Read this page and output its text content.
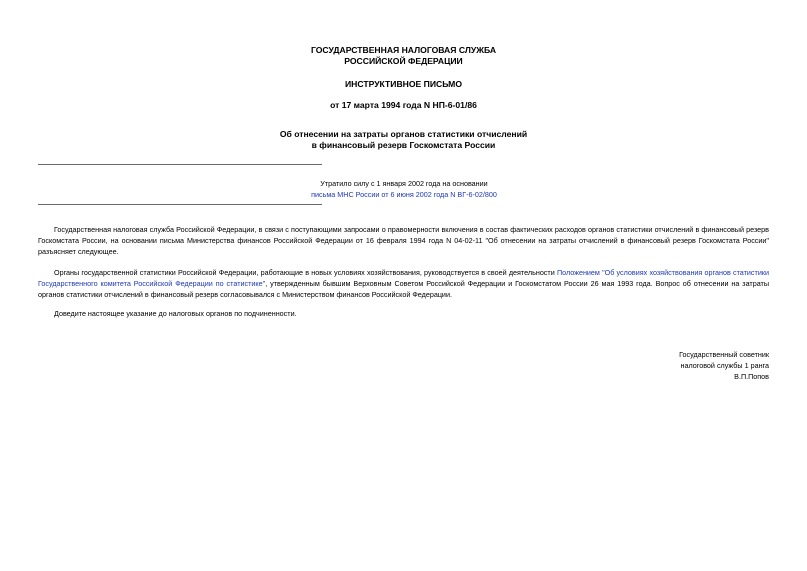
ГОСУДАРСТВЕННАЯ НАЛОГОВАЯ СЛУЖБА
РОССИЙСКОЙ ФЕДЕРАЦИИ
ИНСТРУКТИВНОЕ ПИСЬМО
от 17 марта 1994 года N НП-6-01/86
Об отнесении на затраты органов статистики отчислений
в финансовый резерв Госкомстата России
Утратило силу с 1 января 2002 года на основании
письма МНС России от 6 июня 2002 года N ВГ-6-02/800

Государственная налоговая служба Российской Федерации, в связи с поступающими запросами о правомерности включения в состав фактических расходов органов статистики отчислений в финансовый резерв Госкомстата России, на основании письма Министерства финансов Российской Федерации от 16 февраля 1994 года N 04-02-11 "Об отнесении на затраты отчислений в финансовый резерв Госкомстата России" разъясняет следующее.

Органы государственной статистики Российской Федерации, работающие в новых условиях хозяйствования, руководствуется в своей деятельности Положением "Об условиях хозяйствования органов статистики Государственного комитета Российской Федерации по статистике", утвержденным бывшим Верховным Советом Российской Федерации и Госкомстатом России 26 мая 1993 года. Вопрос об отнесении на затраты органов статистики отчислений в финансовый резерв согласовывался с Министерством финансов Российской Федерации.

Доведите настоящее указание до налоговых органов по подчиненности.

Государственный советник
налоговой службы 1 ранга
В.П.Попов
